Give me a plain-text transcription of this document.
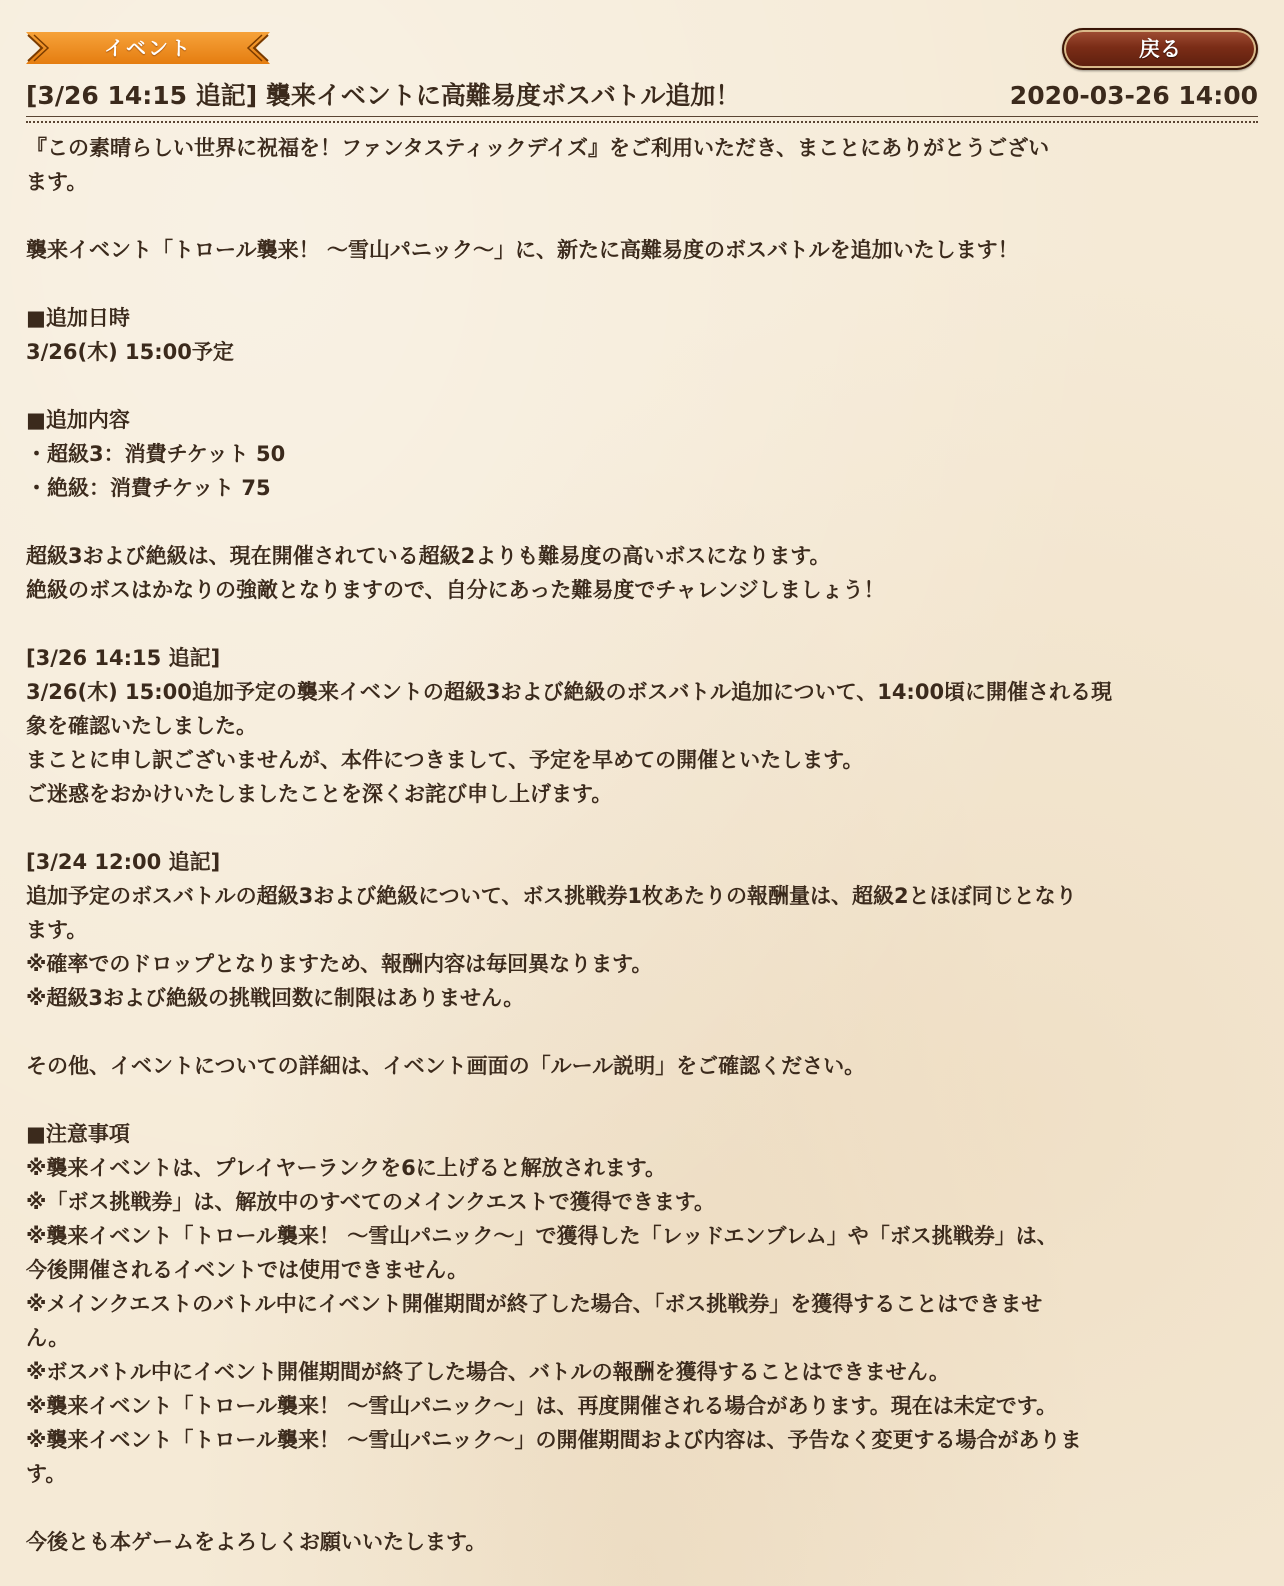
イベント	戻る
[3/26 14:15 追記] 襲来イベントに高難易度ボスバトル追加！	2020-03-26 14:00
『この素晴らしい世界に祝福を！ファンタスティックデイズ』をご利用いただき、まことにありがとうござい
ます。
襲来イベント「トロール襲来！ ～雪山パニック～」に、新たに高難易度のボスバトルを追加いたします！
■追加日時
3/26(木) 15:00予定
■追加内容
・超級3：消費チケット 50
・絶級：消費チケット 75
超級3および絶級は、現在開催されている超級2よりも難易度の高いボスになります。
絶級のボスはかなりの強敵となりますので、自分にあった難易度でチャレンジしましょう！
[3/26 14:15 追記]
3/26(木) 15:00追加予定の襲来イベントの超級3および絶級のボスバトル追加について、14:00頃に開催される現
象を確認いたしました。
まことに申し訳ございませんが、本件につきまして、予定を早めての開催といたします。
ご迷惑をおかけいたしましたことを深くお詫び申し上げます。
[3/24 12:00 追記]
追加予定のボスバトルの超級3および絶級について、ボス挑戦券1枚あたりの報酬量は、超級2とほぼ同じとなり
ます。
※確率でのドロップとなりますため、報酬内容は毎回異なります。
※超級3および絶級の挑戦回数に制限はありません。
その他、イベントについての詳細は、イベント画面の「ルール説明」をご確認ください。
■注意事項
※襲来イベントは、プレイヤーランクを6に上げると解放されます。
※「ボス挑戦券」は、解放中のすべてのメインクエストで獲得できます。
※襲来イベント「トロール襲来！ ～雪山パニック～」で獲得した「レッドエンブレム」や「ボス挑戦券」は、
今後開催されるイベントでは使用できません。
※メインクエストのバトル中にイベント開催期間が終了した場合、「ボス挑戦券」を獲得することはできませ
ん。
※ボスバトル中にイベント開催期間が終了した場合、バトルの報酬を獲得することはできません。
※襲来イベント「トロール襲来！ ～雪山パニック～」は、再度開催される場合があります。現在は未定です。
※襲来イベント「トロール襲来！ ～雪山パニック～」の開催期間および内容は、予告なく変更する場合がありま
す。
今後とも本ゲームをよろしくお願いいたします。
